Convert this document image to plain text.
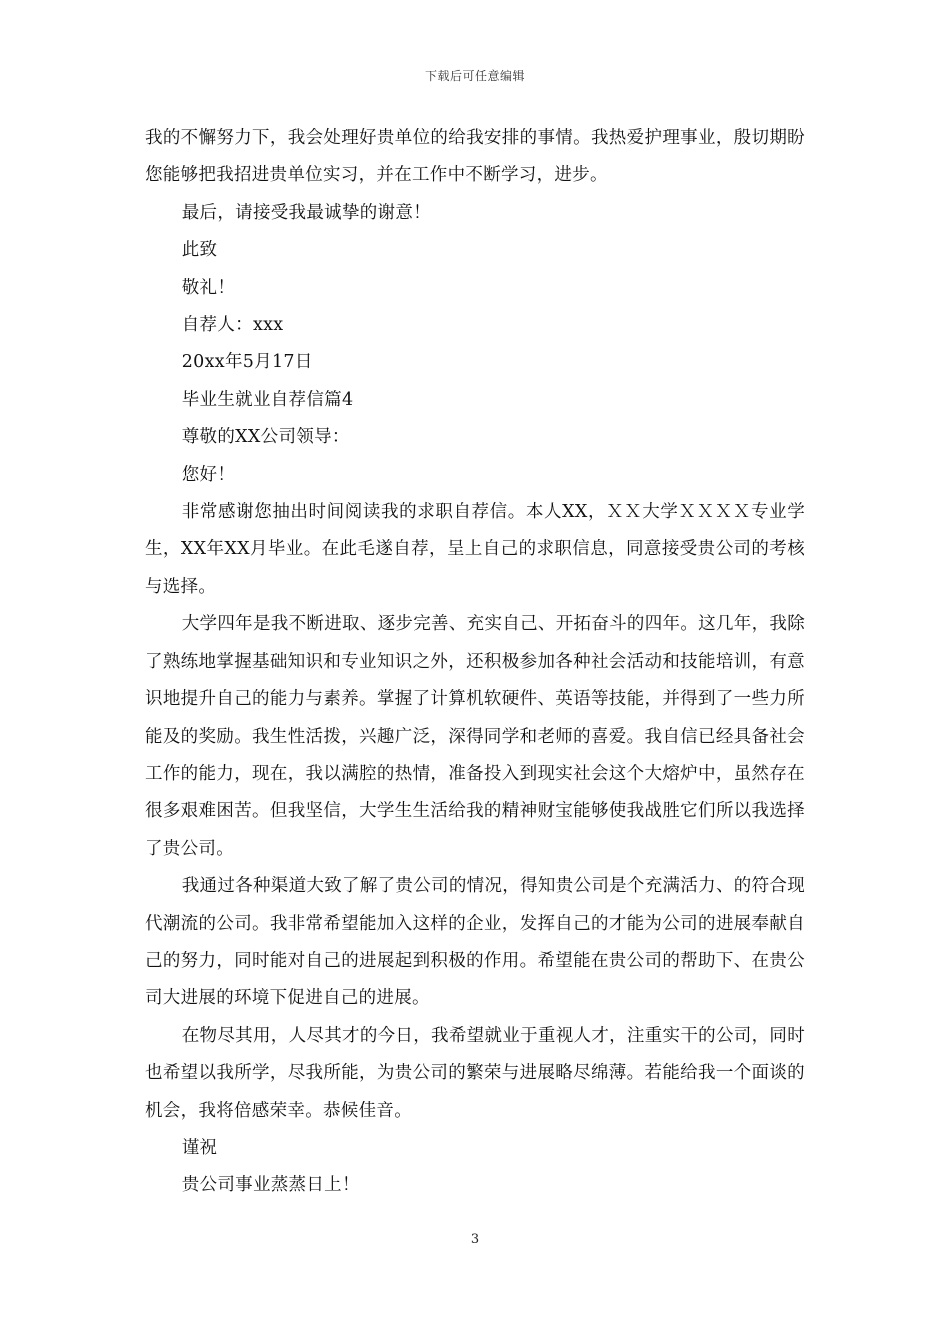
下载后可任意编辑

我的不懈努力下，我会处理好贵单位的给我安排的事情。我热爱护理事业，殷切期盼您能够把我招进贵单位实习，并在工作中不断学习，进步。

最后，请接受我最诚挚的谢意！

此致

敬礼！

自荐人：xxx

20xx年5月17日

毕业生就业自荐信篇4

尊敬的XX公司领导：

您好！

非常感谢您抽出时间阅读我的求职自荐信。本人XX，ＸＸ大学ＸＸＸＸ专业学生，XX年XX月毕业。在此毛遂自荐，呈上自己的求职信息，同意接受贵公司的考核与选择。

大学四年是我不断进取、逐步完善、充实自己、开拓奋斗的四年。这几年，我除了熟练地掌握基础知识和专业知识之外，还积极参加各种社会活动和技能培训，有意识地提升自己的能力与素养。掌握了计算机软硬件、英语等技能，并得到了一些力所能及的奖励。我生性活拨，兴趣广泛，深得同学和老师的喜爱。我自信已经具备社会工作的能力，现在，我以满腔的热情，准备投入到现实社会这个大熔炉中，虽然存在很多艰难困苦。但我坚信，大学生生活给我的精神财宝能够使我战胜它们所以我选择了贵公司。

我通过各种渠道大致了解了贵公司的情况，得知贵公司是个充满活力、的符合现代潮流的公司。我非常希望能加入这样的企业，发挥自己的才能为公司的进展奉献自己的努力，同时能对自己的进展起到积极的作用。希望能在贵公司的帮助下、在贵公司大进展的环境下促进自己的进展。

在物尽其用，人尽其才的今日，我希望就业于重视人才，注重实干的公司，同时也希望以我所学，尽我所能，为贵公司的繁荣与进展略尽绵薄。若能给我一个面谈的机会，我将倍感荣幸。恭候佳音。

谨祝

贵公司事业蒸蒸日上！

3
